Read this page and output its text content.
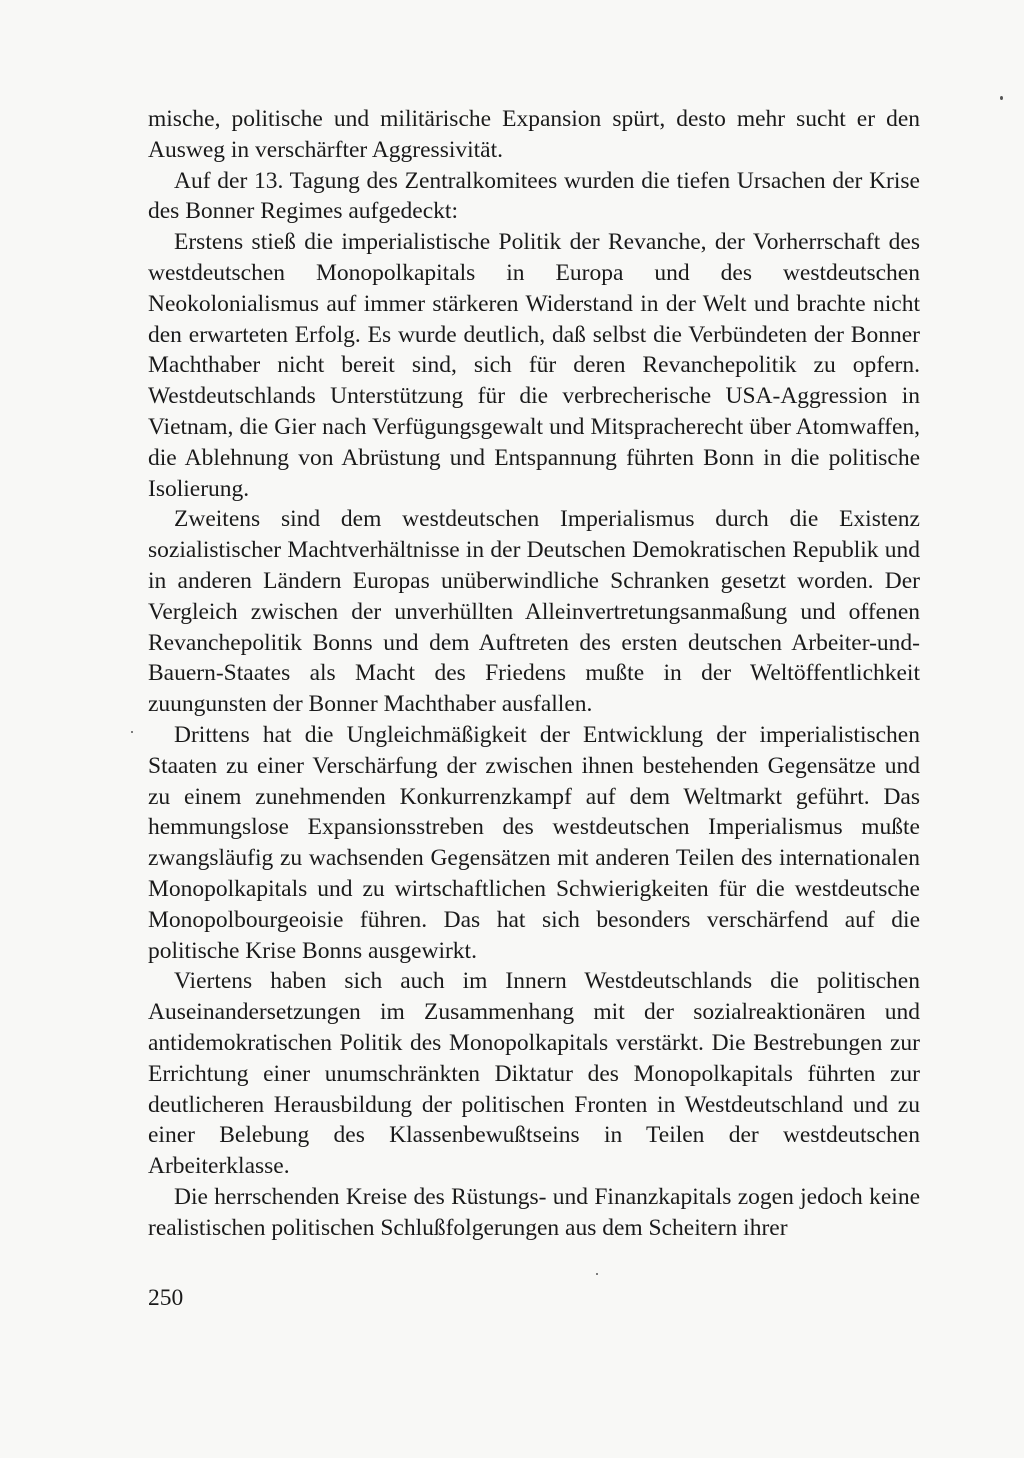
mische, politische und militärische Expansion spürt, desto mehr sucht er den Ausweg in verschärfter Aggressivität.

Auf der 13. Tagung des Zentralkomitees wurden die tiefen Ursachen der Krise des Bonner Regimes aufgedeckt:

Erstens stieß die imperialistische Politik der Revanche, der Vorherrschaft des westdeutschen Monopolkapitals in Europa und des westdeutschen Neokolonialismus auf immer stärkeren Widerstand in der Welt und brachte nicht den erwarteten Erfolg. Es wurde deutlich, daß selbst die Verbündeten der Bonner Machthaber nicht bereit sind, sich für deren Revanchepolitik zu opfern. Westdeutschlands Unterstützung für die verbrecherische USA-Aggression in Vietnam, die Gier nach Verfügungsgewalt und Mitspracherecht über Atomwaffen, die Ablehnung von Abrüstung und Entspannung führten Bonn in die politische Isolierung.

Zweitens sind dem westdeutschen Imperialismus durch die Existenz sozialistischer Machtverhältnisse in der Deutschen Demokratischen Republik und in anderen Ländern Europas unüberwindliche Schranken gesetzt worden. Der Vergleich zwischen der unverhüllten Alleinvertretungsanmaßung und offenen Revanchepolitik Bonns und dem Auftreten des ersten deutschen Arbeiter-und-Bauern-Staates als Macht des Friedens mußte in der Weltöffentlichkeit zuungunsten der Bonner Machthaber ausfallen.

Drittens hat die Ungleichmäßigkeit der Entwicklung der imperialistischen Staaten zu einer Verschärfung der zwischen ihnen bestehenden Gegensätze und zu einem zunehmenden Konkurrenzkampf auf dem Weltmarkt geführt. Das hemmungslose Expansionsstreben des westdeutschen Imperialismus mußte zwangsläufig zu wachsenden Gegensätzen mit anderen Teilen des internationalen Monopolkapitals und zu wirtschaftlichen Schwierigkeiten für die westdeutsche Monopolbourgeoisie führen. Das hat sich besonders verschärfend auf die politische Krise Bonns ausgewirkt.

Viertens haben sich auch im Innern Westdeutschlands die politischen Auseinandersetzungen im Zusammenhang mit der sozialreaktionären und antidemokratischen Politik des Monopolkapitals verstärkt. Die Bestrebungen zur Errichtung einer unumschränkten Diktatur des Monopolkapitals führten zur deutlicheren Herausbildung der politischen Fronten in Westdeutschland und zu einer Belebung des Klassenbewußtseins in Teilen der westdeutschen Arbeiterklasse.

Die herrschenden Kreise des Rüstungs- und Finanzkapitals zogen jedoch keine realistischen politischen Schlußfolgerungen aus dem Scheitern ihrer

250
